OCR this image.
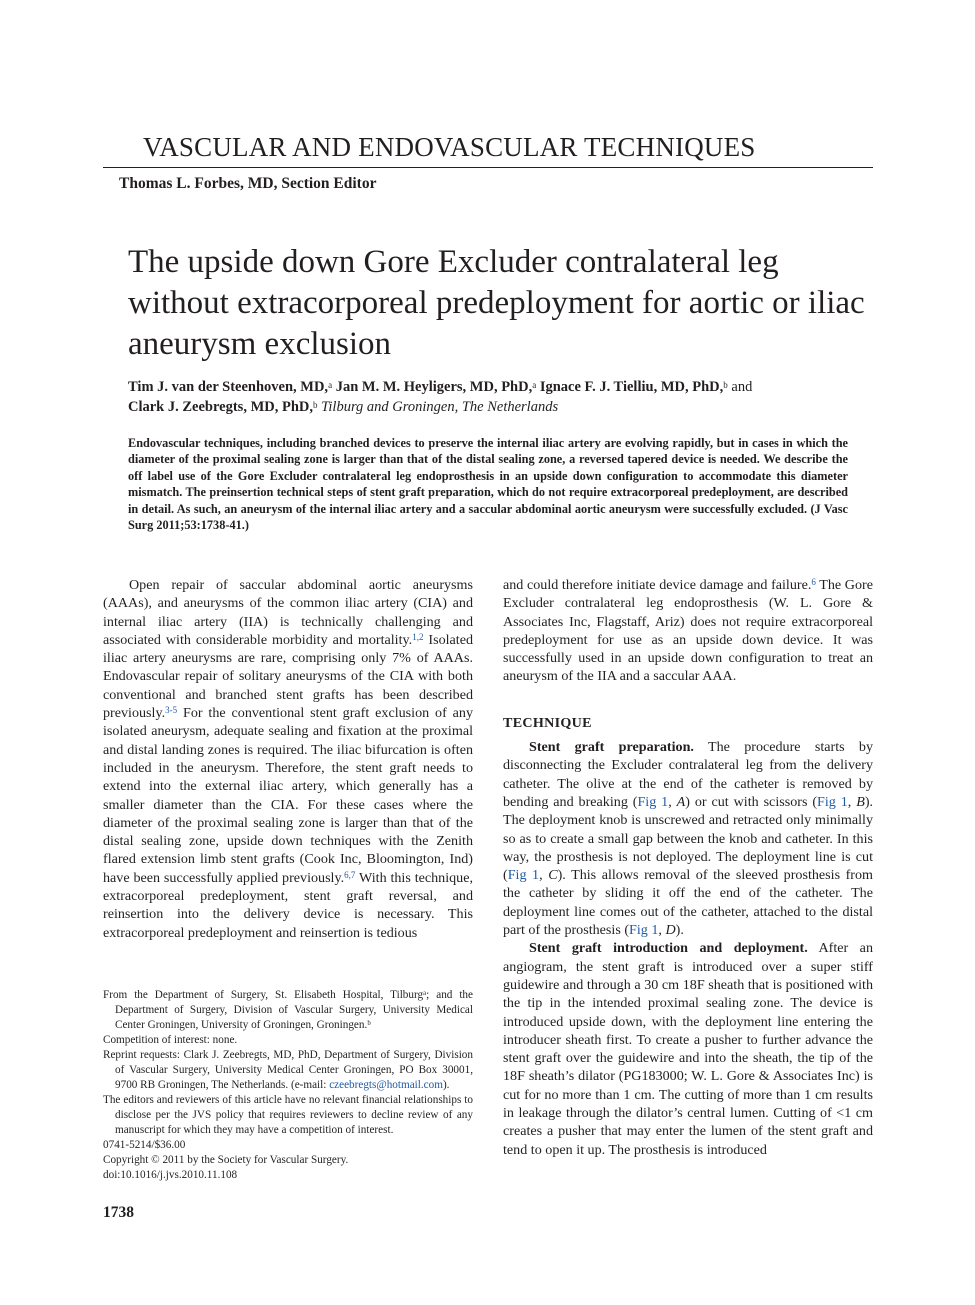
VASCULAR AND ENDOVASCULAR TECHNIQUES
Thomas L. Forbes, MD, Section Editor
The upside down Gore Excluder contralateral leg without extracorporeal predeployment for aortic or iliac aneurysm exclusion
Tim J. van der Steenhoven, MD,$^a$ Jan M. M. Heyligers, MD, PhD,$^a$ Ignace F. J. Tielliu, MD, PhD,$^b$ and
Clark J. Zeebregts, MD, PhD,$^b$ Tilburg and Groningen, The Netherlands
Endovascular techniques, including branched devices to preserve the internal iliac artery are evolving rapidly, but in cases in which the diameter of the proximal sealing zone is larger than that of the distal sealing zone, a reversed tapered device is needed. We describe the off label use of the Gore Excluder contralateral leg endoprosthesis in an upside down configuration to accommodate this diameter mismatch. The preinsertion technical steps of stent graft preparation, which do not require extracorporeal predeployment, are described in detail. As such, an aneurysm of the internal iliac artery and a saccular abdominal aortic aneurysm were successfully excluded. (J Vasc Surg 2011;53:1738-41.)

Open repair of saccular abdominal aortic aneurysms (AAAs), and aneurysms of the common iliac artery (CIA) and internal iliac artery (IIA) is technically challenging and associated with considerable morbidity and mortality.$^{1,2}$ Isolated iliac artery aneurysms are rare, comprising only 7% of AAAs. Endovascular repair of solitary aneurysms of the CIA with both conventional and branched stent grafts has been described previously.$^{3-5}$ For the conventional stent graft exclusion of any isolated aneurysm, adequate sealing and fixation at the proximal and distal landing zones is required. The iliac bifurcation is often included in the aneurysm. Therefore, the stent graft needs to extend into the external iliac artery, which generally has a smaller diameter than the CIA. For these cases where the diameter of the proximal sealing zone is larger than that of the distal sealing zone, upside down techniques with the Zenith flared extension limb stent grafts (Cook Inc, Bloomington, Ind) have been successfully applied previously.$^{6,7}$ With this technique, extracorporeal predeployment, stent graft reversal, and reinsertion into the delivery device is necessary. This extracorporeal predeployment and reinsertion is tedious

and could therefore initiate device damage and failure.$^6$ The Gore Excluder contralateral leg endoprosthesis (W. L. Gore & Associates Inc, Flagstaff, Ariz) does not require extracorporeal predeployment for use as an upside down device. It was successfully used in an upside down configuration to treat an aneurysm of the IIA and a saccular AAA.

TECHNIQUE

Stent graft preparation. The procedure starts by disconnecting the Excluder contralateral leg from the delivery catheter. The olive at the end of the catheter is removed by bending and breaking (Fig 1, A) or cut with scissors (Fig 1, B). The deployment knob is unscrewed and retracted only minimally so as to create a small gap between the knob and catheter. In this way, the prosthesis is not deployed. The deployment line is cut (Fig 1, C). This allows removal of the sleeved prosthesis from the catheter by sliding it off the end of the catheter. The deployment line comes out of the catheter, attached to the distal part of the prosthesis (Fig 1, D).

Stent graft introduction and deployment. After an angiogram, the stent graft is introduced over a super stiff guidewire and through a 30 cm 18F sheath that is positioned with the tip in the intended proximal sealing zone. The device is introduced upside down, with the deployment line entering the introducer sheath first. To create a pusher to further advance the stent graft over the guidewire and into the sheath, the tip of the 18F sheath’s dilator (PG183000; W. L. Gore & Associates Inc) is cut for no more than 1 cm. The cutting of more than 1 cm results in leakage through the dilator’s central lumen. Cutting of <1 cm creates a pusher that may enter the lumen of the stent graft and tend to open it up. The prosthesis is introduced

From the Department of Surgery, St. Elisabeth Hospital, Tilburgᵃ; and the Department of Surgery, Division of Vascular Surgery, University Medical Center Groningen, University of Groningen, Groningen.ᵇ

Competition of interest: none.

Reprint requests: Clark J. Zeebregts, MD, PhD, Department of Surgery, Division of Vascular Surgery, University Medical Center Groningen, PO Box 30001, 9700 RB Groningen, The Netherlands. (e-mail: czeebregts@hotmail.com).

The editors and reviewers of this article have no relevant financial relationships to disclose per the JVS policy that requires reviewers to decline review of any manuscript for which they may have a competition of interest.

0741-5214/$36.00

Copyright © 2011 by the Society for Vascular Surgery.

doi:10.1016/j.jvs.2010.11.108

1738
